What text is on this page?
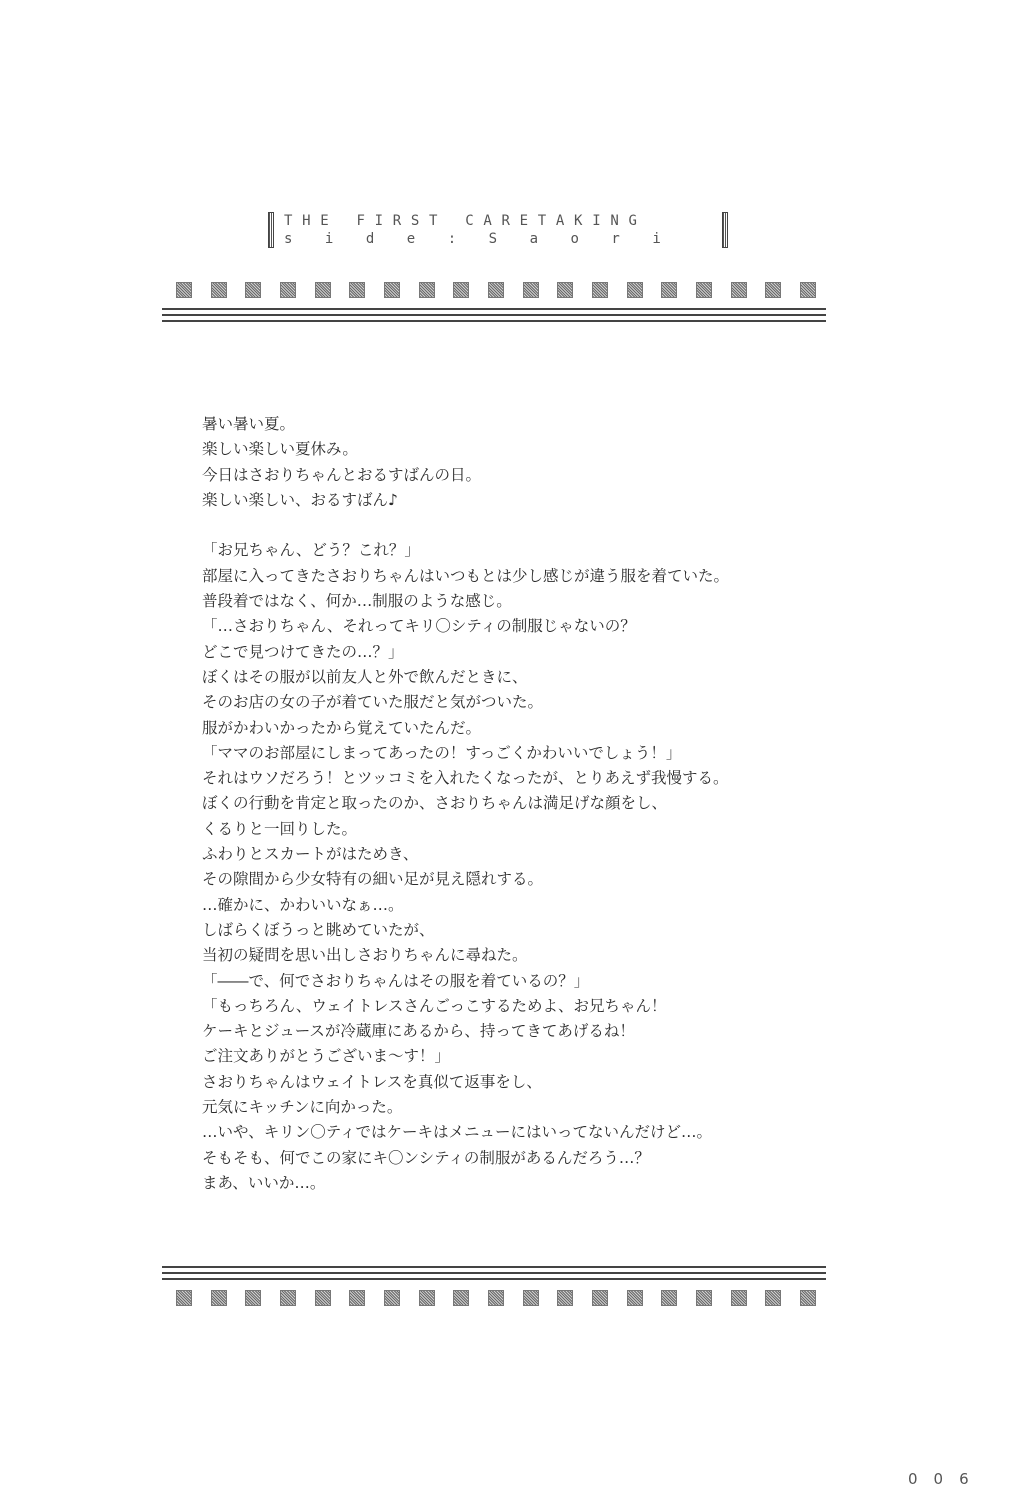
THE FIRST CARETAKING
side:Saori
暑い暑い夏。
楽しい楽しい夏休み。
今日はさおりちゃんとおるすばんの日。
楽しい楽しい、おるすばん♪
「お兄ちゃん、どう？これ？」
部屋に入ってきたさおりちゃんはいつもとは少し感じが違う服を着ていた。
普段着ではなく、何か…制服のような感じ。
「…さおりちゃん、それってキリ〇シティの制服じゃないの？
どこで見つけてきたの…？」
ぼくはその服が以前友人と外で飲んだときに、
そのお店の女の子が着ていた服だと気がついた。
服がかわいかったから覚えていたんだ。
「ママのお部屋にしまってあったの！すっごくかわいいでしょう！」
それはウソだろう！とツッコミを入れたくなったが、とりあえず我慢する。
ぼくの行動を肯定と取ったのか、さおりちゃんは満足げな顔をし、
くるりと一回りした。
ふわりとスカートがはためき、
その隙間から少女特有の細い足が見え隠れする。
…確かに、かわいいなぁ…。
しばらくぼうっと眺めていたが、
当初の疑問を思い出しさおりちゃんに尋ねた。
「――で、何でさおりちゃんはその服を着ているの？」
「もっちろん、ウェイトレスさんごっこするためよ、お兄ちゃん！
ケーキとジュースが冷蔵庫にあるから、持ってきてあげるね！
ご注文ありがとうございま～す！」
さおりちゃんはウェイトレスを真似て返事をし、
元気にキッチンに向かった。
…いや、キリン〇ティではケーキはメニューにはいってないんだけど…。
そもそも、何でこの家にキ〇ンシティの制服があるんだろう…？
まあ、いいか…。
006
